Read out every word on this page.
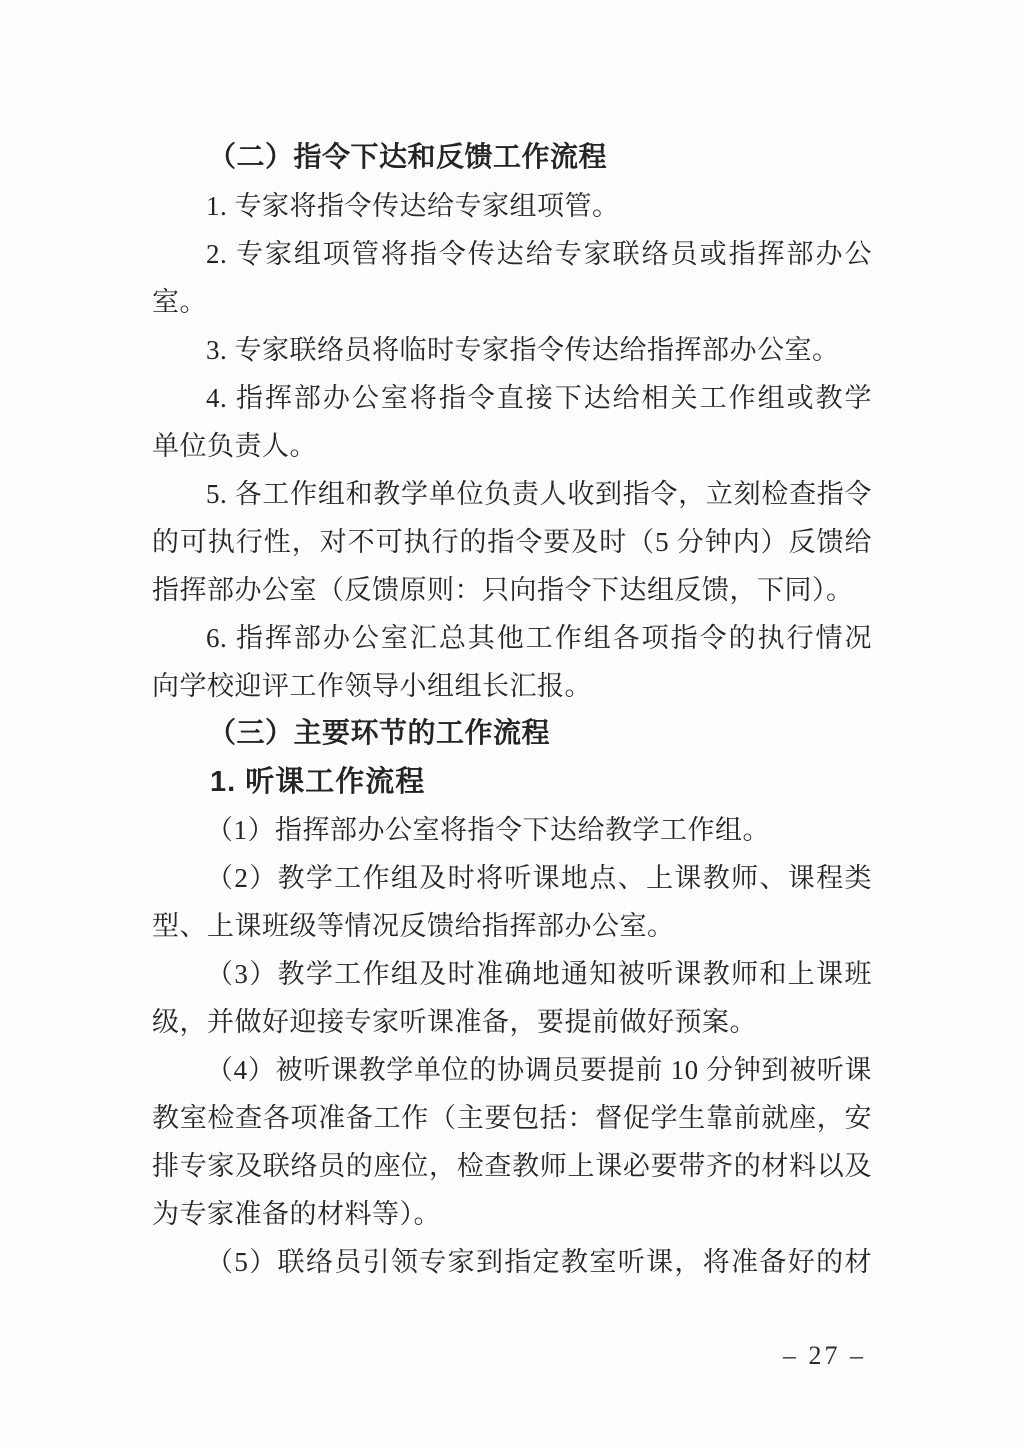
（二）指令下达和反馈工作流程
1. 专家将指令传达给专家组项管。
2. 专家组项管将指令传达给专家联络员或指挥部办公
室。
3. 专家联络员将临时专家指令传达给指挥部办公室。
4. 指挥部办公室将指令直接下达给相关工作组或教学
单位负责人。
5. 各工作组和教学单位负责人收到指令，立刻检查指令
的可执行性，对不可执行的指令要及时（5 分钟内）反馈给
指挥部办公室（反馈原则：只向指令下达组反馈，下同）。
6. 指挥部办公室汇总其他工作组各项指令的执行情况
向学校迎评工作领导小组组长汇报。
（三）主要环节的工作流程
1. 听课工作流程
（1）指挥部办公室将指令下达给教学工作组。
（2）教学工作组及时将听课地点、上课教师、课程类
型、上课班级等情况反馈给指挥部办公室。
（3）教学工作组及时准确地通知被听课教师和上课班
级，并做好迎接专家听课准备，要提前做好预案。
（4）被听课教学单位的协调员要提前 10 分钟到被听课
教室检查各项准备工作（主要包括：督促学生靠前就座，安
排专家及联络员的座位，检查教师上课必要带齐的材料以及
为专家准备的材料等）。
（5）联络员引领专家到指定教室听课，将准备好的材
– 27 –
